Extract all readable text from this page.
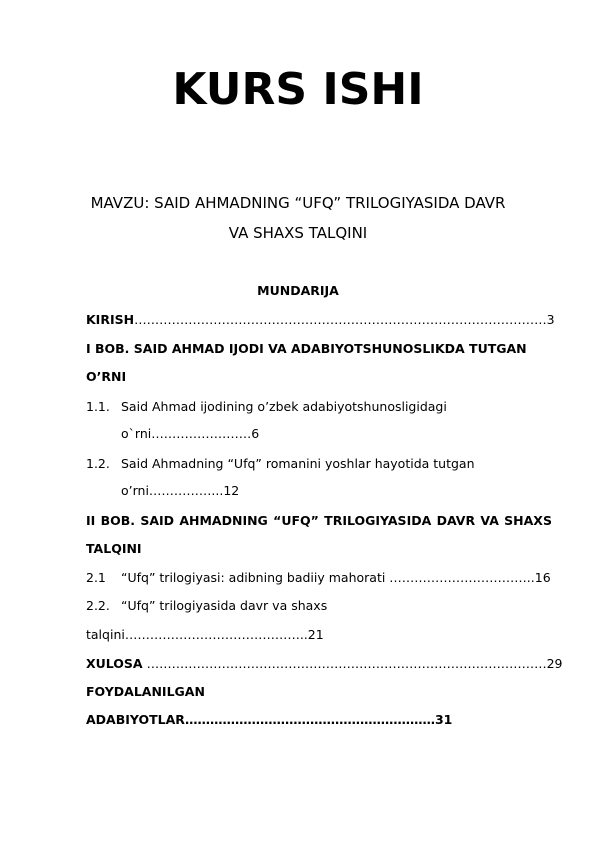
KURS ISHI
MAVZU: SAID AHMADNING “UFQ” TRILOGIYASIDA DAVR
VA SHAXS TALQINI
MUNDARIJA
KIRISH………………………………………………………………………………………3
I BOB. SAID AHMAD IJODI VA ADABIYOTSHUNOSLIKDA TUTGAN
O’RNI
1.1. Said Ahmad ijodining o’zbek adabiyotshunosligidagi
o`rni……………………6
1.2. Said Ahmadning “Ufq” romanini yoshlar hayotida tutgan
o’rni……………...12
II BOB. SAID AHMADNING “UFQ” TRILOGIYASIDA DAVR VA SHAXS
TALQINI
2.1 “Ufq” trilogiyasi: adibning badiiy mahorati ……………………………..16
2.2. “Ufq” trilogiyasida davr va shaxs
talqini……………………………………..21
XULOSA ……………………………………………………………………………………29
FOYDALANILGAN
ADABIYOTLAR……………………………………………………31
